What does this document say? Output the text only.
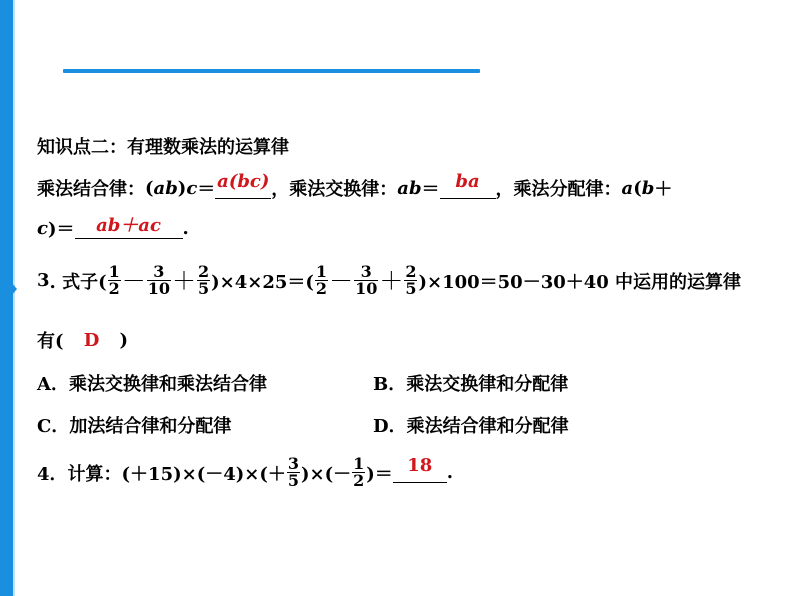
知识点二：有理数乘法的运算律
乘法结合律： ( ab ) c ＝ a(bc) ， 乘法交换律： ab ＝ ba ， 乘法分配律： a ( b ＋
c )＝	ab＋ac	.
3 . 式子( $\frac{1}{2} - \frac{3}{10} + \frac{2}{5} )\times 4\times 25=( \frac{1}{2} - \frac{3}{10} + \frac{2}{5} )\times 100=50-30+40$ 中运用的运算律
有(	D	)
A．乘法交换律和乘法结合律	B．乘法交换律和分配律
C．加法结合律和分配律	D．乘法结合律和分配律
4．计算：$(+15)\times(-4)\times(+ \frac{3}{5}$ )×(－ $\frac{1}{2}$ )＝ 18 .
